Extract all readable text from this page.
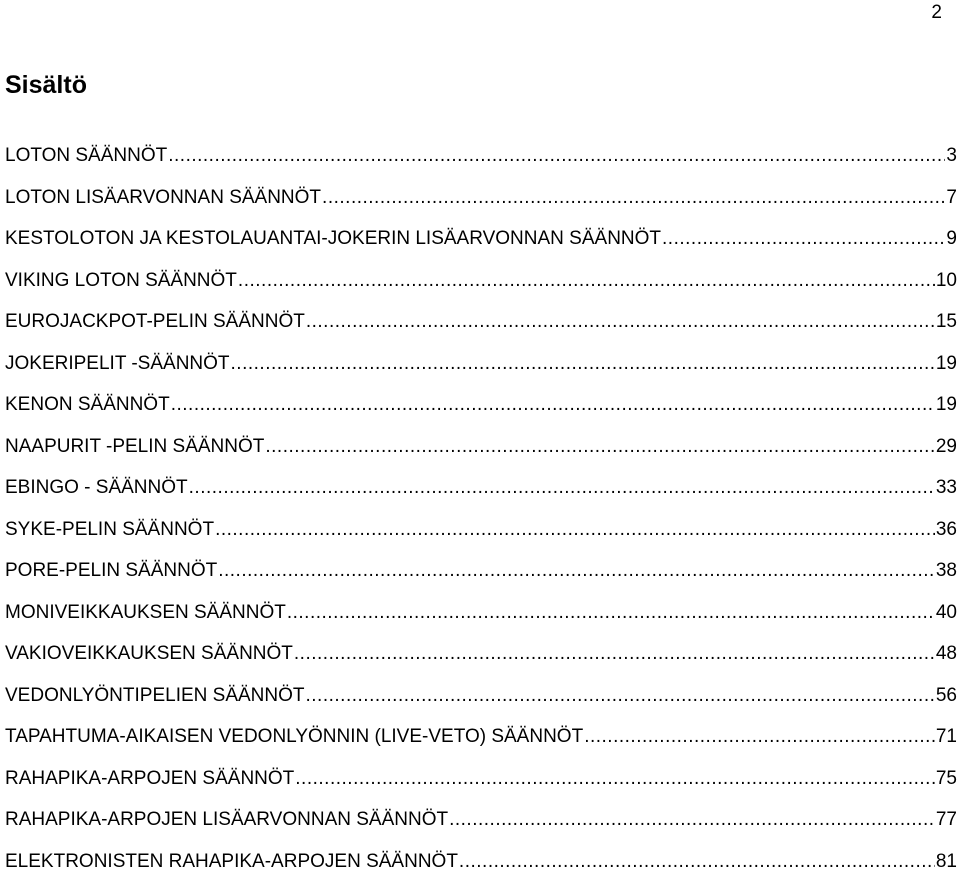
2
Sisältö
LOTON SÄÄNNÖT .....	3
LOTON LISÄARVONNAN SÄÄNNÖT .....	7
KESTOLOTON JA KESTOLAUANTAI-JOKERIN LISÄARVONNAN SÄÄNNÖT .....	9
VIKING LOTON SÄÄNNÖT .....	10
EUROJACKPOT-PELIN SÄÄNNÖT .....	15
JOKERIPELIT -SÄÄNNÖT .....	19
KENON SÄÄNNÖT .....	19
NAAPURIT -PELIN SÄÄNNÖT .....	29
EBINGO - SÄÄNNÖT .....	33
SYKE-PELIN SÄÄNNÖT .....	36
PORE-PELIN SÄÄNNÖT .....	38
MONIVEIKKAUKSEN SÄÄNNÖT .....	40
VAKIOVEIKKAUKSEN SÄÄNNÖT .....	48
VEDONLYÖNTIPELIEN SÄÄNNÖT .....	56
TAPAHTUMA-AIKAISEN VEDONLYÖNNIN (LIVE-VETO) SÄÄNNÖT .....	71
RAHAPIKA-ARPOJEN SÄÄNNÖT .....	75
RAHAPIKA-ARPOJEN LISÄARVONNAN SÄÄNNÖT .....	77
ELEKTRONISTEN RAHAPIKA-ARPOJEN SÄÄNNÖT .....	81
